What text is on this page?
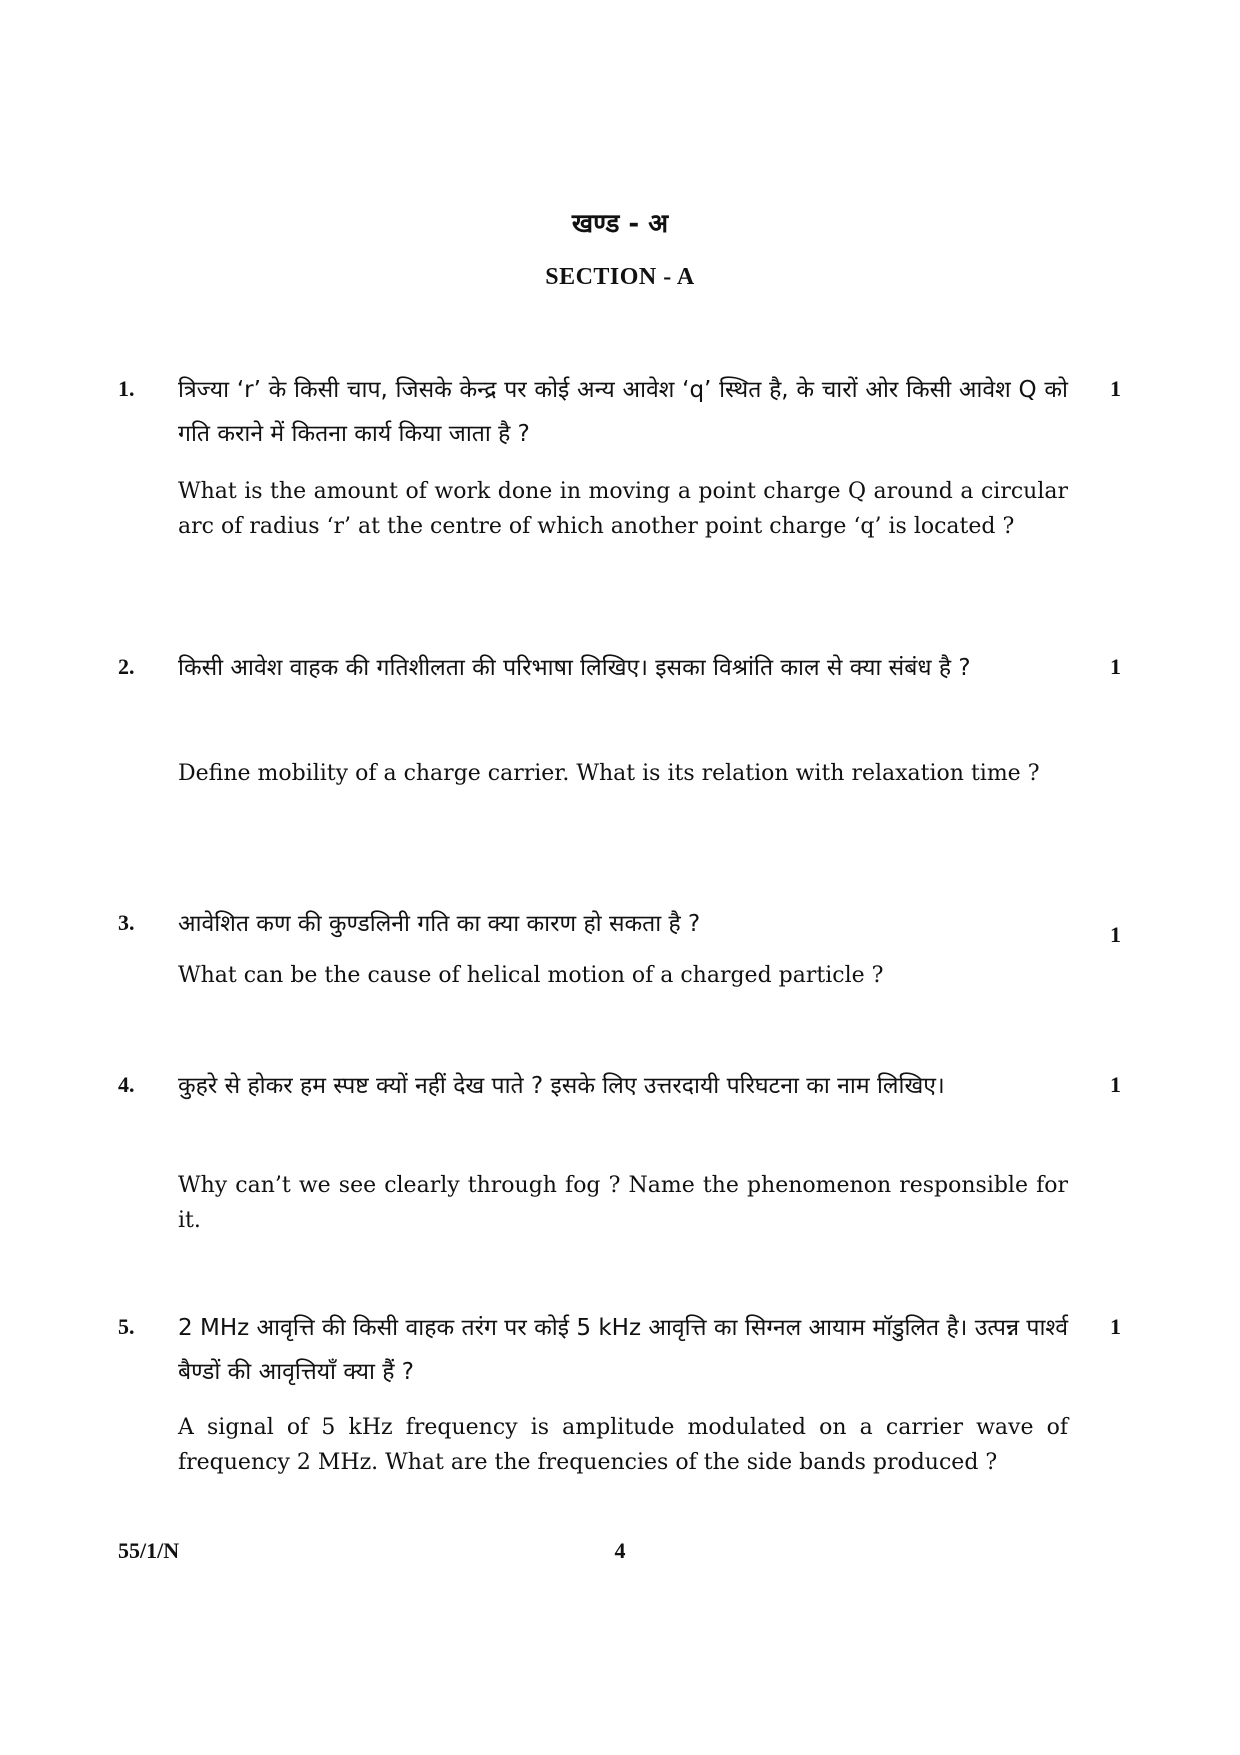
खण्ड - अ
SECTION - A
1. त्रिज्या ‘r’ के किसी चाप, जिसके केन्द्र पर कोई अन्य आवेश ‘q’ स्थित है, के चारों ओर किसी आवेश Q को गति कराने में कितना कार्य किया जाता है ?
1
What is the amount of work done in moving a point charge Q around a circular arc of radius ‘r’ at the centre of which another point charge ‘q’ is located ?
2. किसी आवेश वाहक की गतिशीलता की परिभाषा लिखिए। इसका विश्रांति काल से क्या संबंध है ?	1
Define mobility of a charge carrier. What is its relation with relaxation time ?
3. आवेशित कण की कुण्डलिनी गति का क्या कारण हो सकता है ?	1
What can be the cause of helical motion of a charged particle ?
4. कुहरे से होकर हम स्पष्ट क्यों नहीं देख पाते ? इसके लिए उत्तरदायी परिघटना का नाम लिखिए।	1
Why can’t we see clearly through fog ? Name the phenomenon responsible for it.
5. 2 MHz आवृत्ति की किसी वाहक तरंग पर कोई 5 kHz आवृत्ति का सिग्नल आयाम मॉडुलित है। उत्पन्न पार्श्व बैण्डों की आवृत्तियाँ क्या हैं ?
1
A signal of 5 kHz frequency is amplitude modulated on a carrier wave of frequency 2 MHz. What are the frequencies of the side bands produced ?
55/1/N	4
